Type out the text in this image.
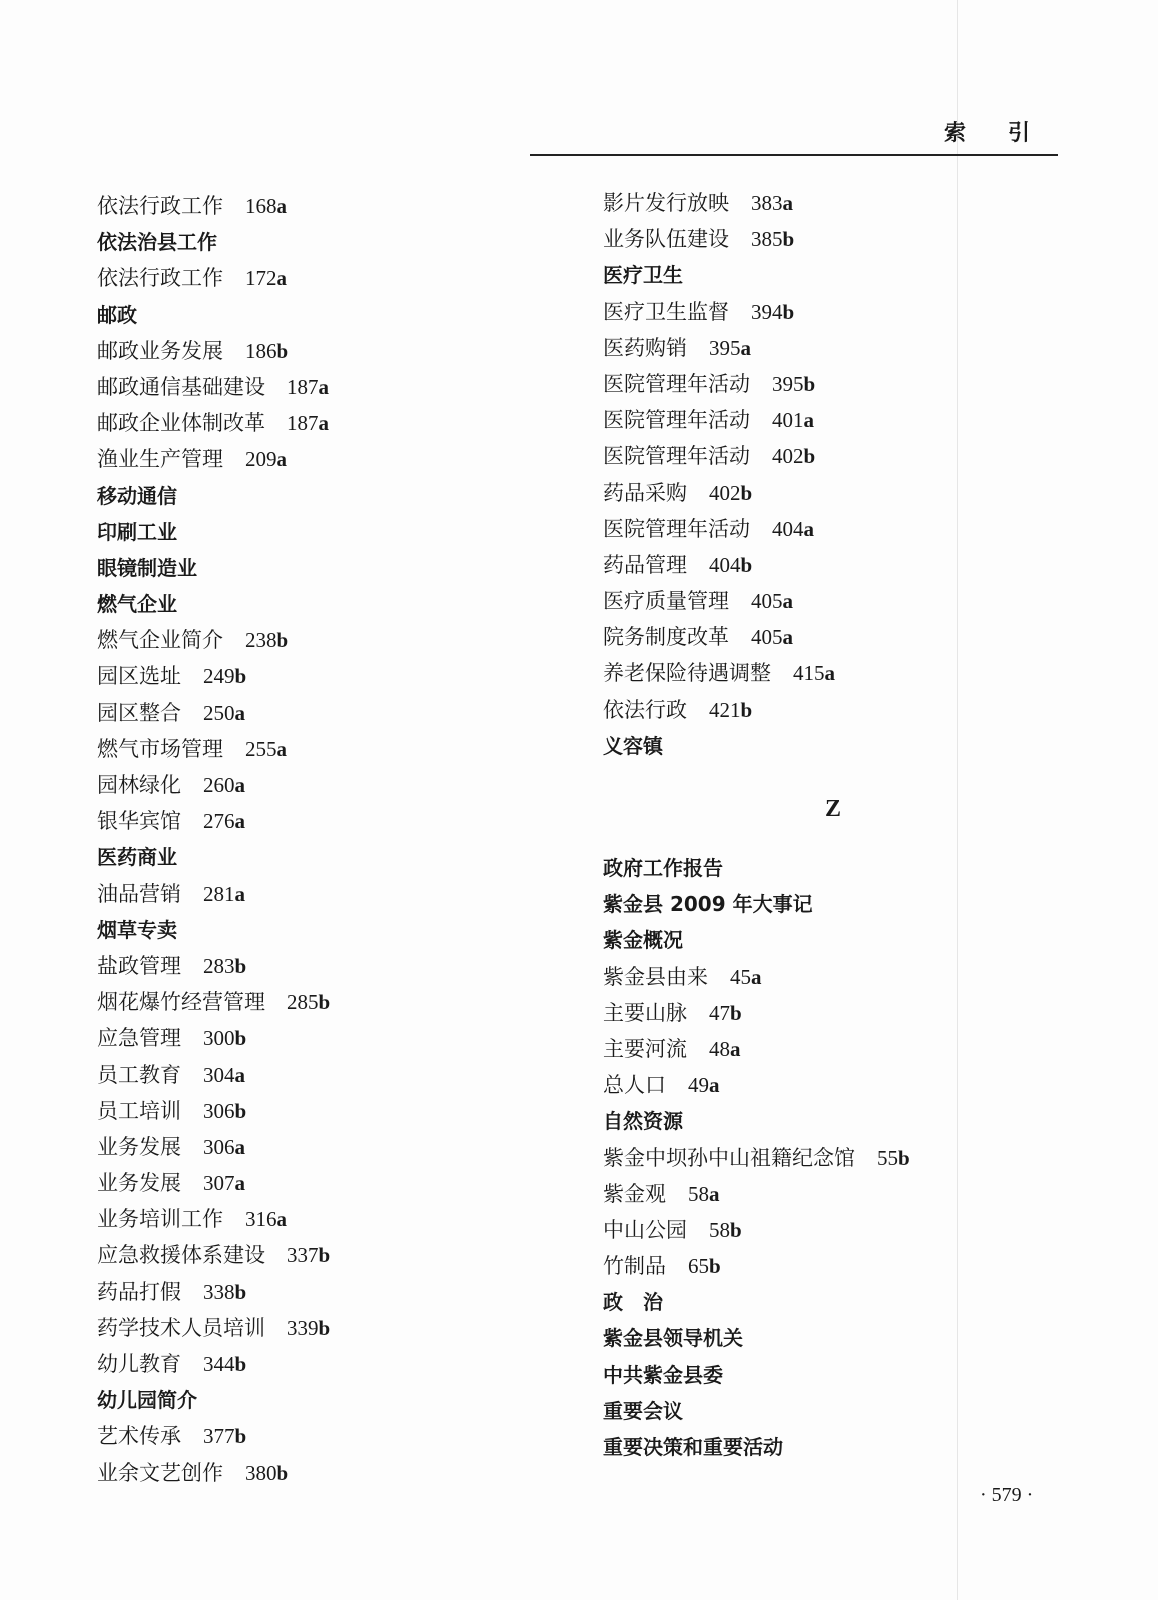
索 引
依法行政工作 168a
依法治县工作
依法行政工作 172a
邮政
邮政业务发展 186b
邮政通信基础建设 187a
邮政企业体制改革 187a
渔业生产管理 209a
移动通信
印刷工业
眼镜制造业
燃气企业
燃气企业简介 238b
园区选址 249b
园区整合 250a
燃气市场管理 255a
园林绿化 260a
银华宾馆 276a
医药商业
油品营销 281a
烟草专卖
盐政管理 283b
烟花爆竹经营管理 285b
应急管理 300b
员工教育 304a
员工培训 306b
业务发展 306a
业务发展 307a
业务培训工作 316a
应急救援体系建设 337b
药品打假 338b
药学技术人员培训 339b
幼儿教育 344b
幼儿园简介
艺术传承 377b
业余文艺创作 380b
影片发行放映 383a
业务队伍建设 385b
医疗卫生
医疗卫生监督 394b
医药购销 395a
医院管理年活动 395b
医院管理年活动 401a
医院管理年活动 402b
药品采购 402b
医院管理年活动 404a
药品管理 404b
医疗质量管理 405a
院务制度改革 405a
养老保险待遇调整 415a
依法行政 421b
义容镇
Z
政府工作报告
紫金县 2009 年大事记
紫金概况
紫金县由来 45a
主要山脉 47b
主要河流 48a
总人口 49a
自然资源
紫金中坝孙中山祖籍纪念馆 55b
紫金观 58a
中山公园 58b
竹制品 65b
政　治
紫金县领导机关
中共紫金县委
重要会议
重要决策和重要活动
· 579 ·
